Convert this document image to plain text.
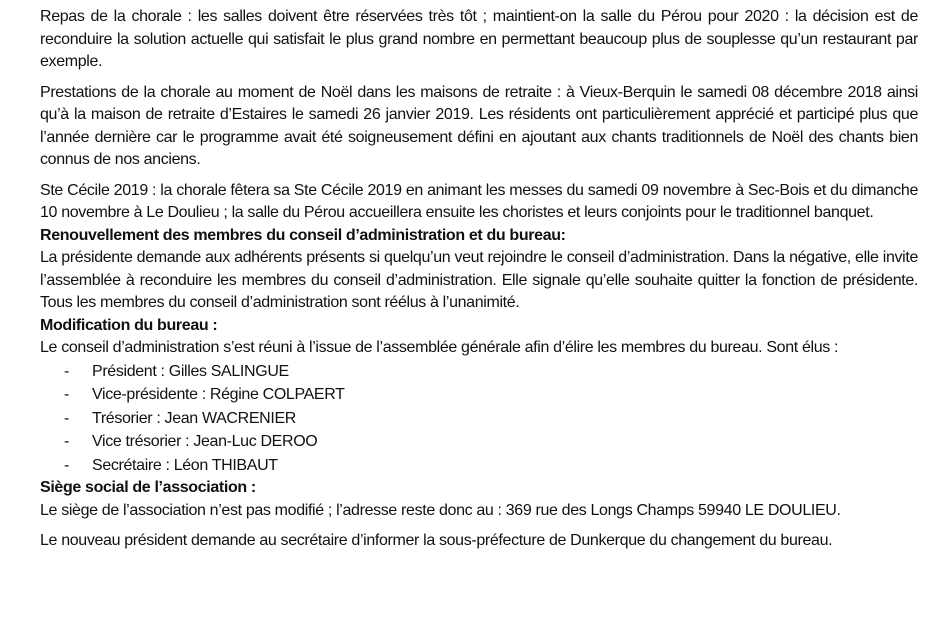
Repas de la chorale : les salles doivent être réservées très tôt ; maintient-on la salle du Pérou pour 2020 : la décision est de reconduire la solution actuelle qui satisfait le plus grand nombre en permettant beaucoup plus de souplesse qu’un restaurant par exemple.

Prestations de la chorale au moment de Noël dans les maisons de retraite : à Vieux-Berquin le samedi 08 décembre 2018 ainsi qu’à la maison de retraite d’Estaires le samedi 26 janvier 2019. Les résidents ont particulièrement apprécié et participé plus que l’année dernière car le programme avait été soigneusement défini en ajoutant aux chants traditionnels de Noël des chants bien connus de nos anciens.

Ste Cécile 2019 : la chorale fêtera sa Ste Cécile 2019 en animant les messes du samedi 09 novembre à Sec-Bois et du dimanche 10 novembre à Le Doulieu ; la salle du Pérou accueillera ensuite les choristes et leurs conjoints pour le traditionnel banquet.

Renouvellement des membres du conseil d’administration et du bureau:

La présidente demande aux adhérents présents si quelqu’un veut rejoindre le conseil d’administration. Dans la négative, elle invite l’assemblée à reconduire les membres du conseil d’administration. Elle signale qu’elle souhaite quitter la fonction de présidente. Tous les membres du conseil d’administration sont réélus à l’unanimité.

Modification du bureau :

Le conseil d’administration s’est réuni à l’issue de l’assemblée générale afin d’élire les membres du bureau. Sont élus :

- Président : Gilles SALINGUE
- Vice-présidente : Régine COLPAERT
- Trésorier : Jean WACRENIER
- Vice trésorier : Jean-Luc DEROO
- Secrétaire : Léon THIBAUT

Siège social de l’association :

Le siège de l’association n’est pas modifié ; l’adresse reste donc au : 369 rue des Longs Champs 59940 LE DOULIEU.

Le nouveau président demande au secrétaire d’informer la sous-préfecture de Dunkerque du changement du bureau.
